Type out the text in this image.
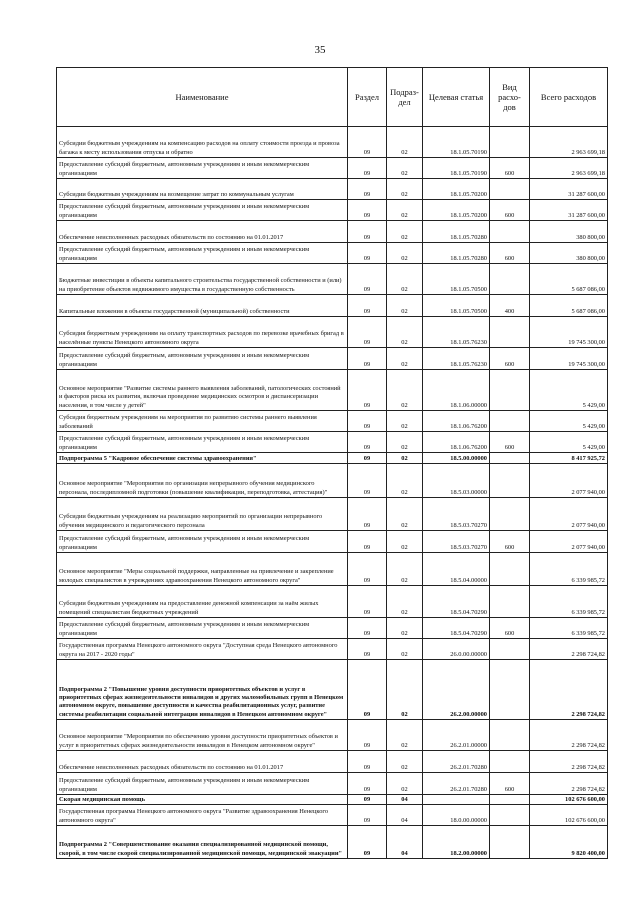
35
Наименование	Раздел	Подраз-дел	Целевая статья	Вид расхо-дов	Всего расходов
Субсидии бюджетным учреждениям на компенсацию расходов на оплату стоимости проезда и провоза багажа к месту использования отпуска и обратно	09	02	18.1.05.70190		2 963 699,18
Предоставление субсидий бюджетным, автономным учреждениям и иным некоммерческим организациям	09	02	18.1.05.70190	600	2 963 699,18
Субсидии бюджетным учреждениям на возмещение затрат по коммунальным услугам	09	02	18.1.05.70200		31 287 600,00
Предоставление субсидий бюджетным, автономным учреждениям и иным некоммерческим организациям	09	02	18.1.05.70200	600	31 287 600,00
Обеспечение неисполненных расходных обязательств по состоянию на 01.01.2017	09	02	18.1.05.70280		380 800,00
Предоставление субсидий бюджетным, автономным учреждениям и иным некоммерческим организациям	09	02	18.1.05.70280	600	380 800,00
Бюджетные инвестиции в объекты капитального строительства государственной собственности и (или) на приобретение объектов недвижимого имущества в государственную собственность	09	02	18.1.05.70500		5 687 086,00
Капитальные вложения в объекты государственной (муниципальной) собственности	09	02	18.1.05.70500	400	5 687 086,00
Субсидия бюджетным учреждениям на оплату транспортных расходов по перевозке врачебных бригад в населённые пункты Ненецкого автономного округа	09	02	18.1.05.76230		19 745 300,00
Предоставление субсидий бюджетным, автономным учреждениям и иным некоммерческим организациям	09	02	18.1.05.76230	600	19 745 300,00
Основное мероприятие "Развитие системы раннего выявления заболеваний, патологических состояний и факторов риска их развития, включая проведение медицинских осмотров и диспансеризации населения, в том числе у детей"	09	02	18.1.06.00000		5 429,00
Субсидия бюджетным учреждениям на мероприятия по развитию системы раннего выявления заболеваний	09	02	18.1.06.76200		5 429,00
Предоставление субсидий бюджетным, автономным учреждениям и иным некоммерческим организациям	09	02	18.1.06.76200	600	5 429,00
Подпрограмма 5 "Кадровое обеспечение системы здравоохранения"	09	02	18.5.00.00000		8 417 925,72
Основное мероприятие "Мероприятия по организации непрерывного обучения медицинского персонала, последипломной подготовки (повышение квалификации, переподготовка, аттестация)"	09	02	18.5.03.00000		2 077 940,00
Субсидии бюджетным учреждениям на реализацию мероприятий по организации непрерывного обучения медицинского и педагогического персонала	09	02	18.5.03.70270		2 077 940,00
Предоставление субсидий бюджетным, автономным учреждениям и иным некоммерческим организациям	09	02	18.5.03.70270	600	2 077 940,00
Основное мероприятие "Меры социальной поддержки, направленные на привлечение и закрепление молодых специалистов в учреждениях здравоохранения Ненецкого автономного округа"	09	02	18.5.04.00000		6 339 985,72
Субсидии бюджетным учреждениям на предоставление денежной компенсации за наём жилых помещений специалистам бюджетных учреждений	09	02	18.5.04.70290		6 339 985,72
Предоставление субсидий бюджетным, автономным учреждениям и иным некоммерческим организациям	09	02	18.5.04.70290	600	6 339 985,72
Государственная программа Ненецкого автономного округа "Доступная среда Ненецкого автономного округа на 2017 - 2020 годы"	09	02	26.0.00.00000		2 298 724,82
Подпрограмма 2 "Повышение уровня доступности приоритетных объектов и услуг в приоритетных сферах жизнедеятельности инвалидов и других маломобильных групп в Ненецком автономном округе, повышение доступности и качества реабилитационных услуг, развитие системы реабилитации социальной интеграции инвалидов в Ненецком автономном округе"	09	02	26.2.00.00000		2 298 724,82
Основное мероприятие "Мероприятия по обеспечению уровня доступности приоритетных объектов и услуг в приоритетных сферах жизнедеятельности инвалидов в Ненецком автономном округе"	09	02	26.2.01.00000		2 298 724,82
Обеспечение неисполненных расходных обязательств по состоянию на 01.01.2017	09	02	26.2.01.70280		2 298 724,82
Предоставление субсидий бюджетным, автономным учреждениям и иным некоммерческим организациям	09	02	26.2.01.70280	600	2 298 724,82
Скорая медицинская помощь	09	04			102 676 600,00
Государственная программа Ненецкого автономного округа "Развитие здравоохранения Ненецкого автономного округа"	09	04	18.0.00.00000		102 676 600,00
Подпрограмма 2 "Совершенствование оказания специализированной медицинской помощи, скорой, в том числе скорой специализированной медицинской помощи, медицинской эвакуации"	09	04	18.2.00.00000		9 820 400,00
